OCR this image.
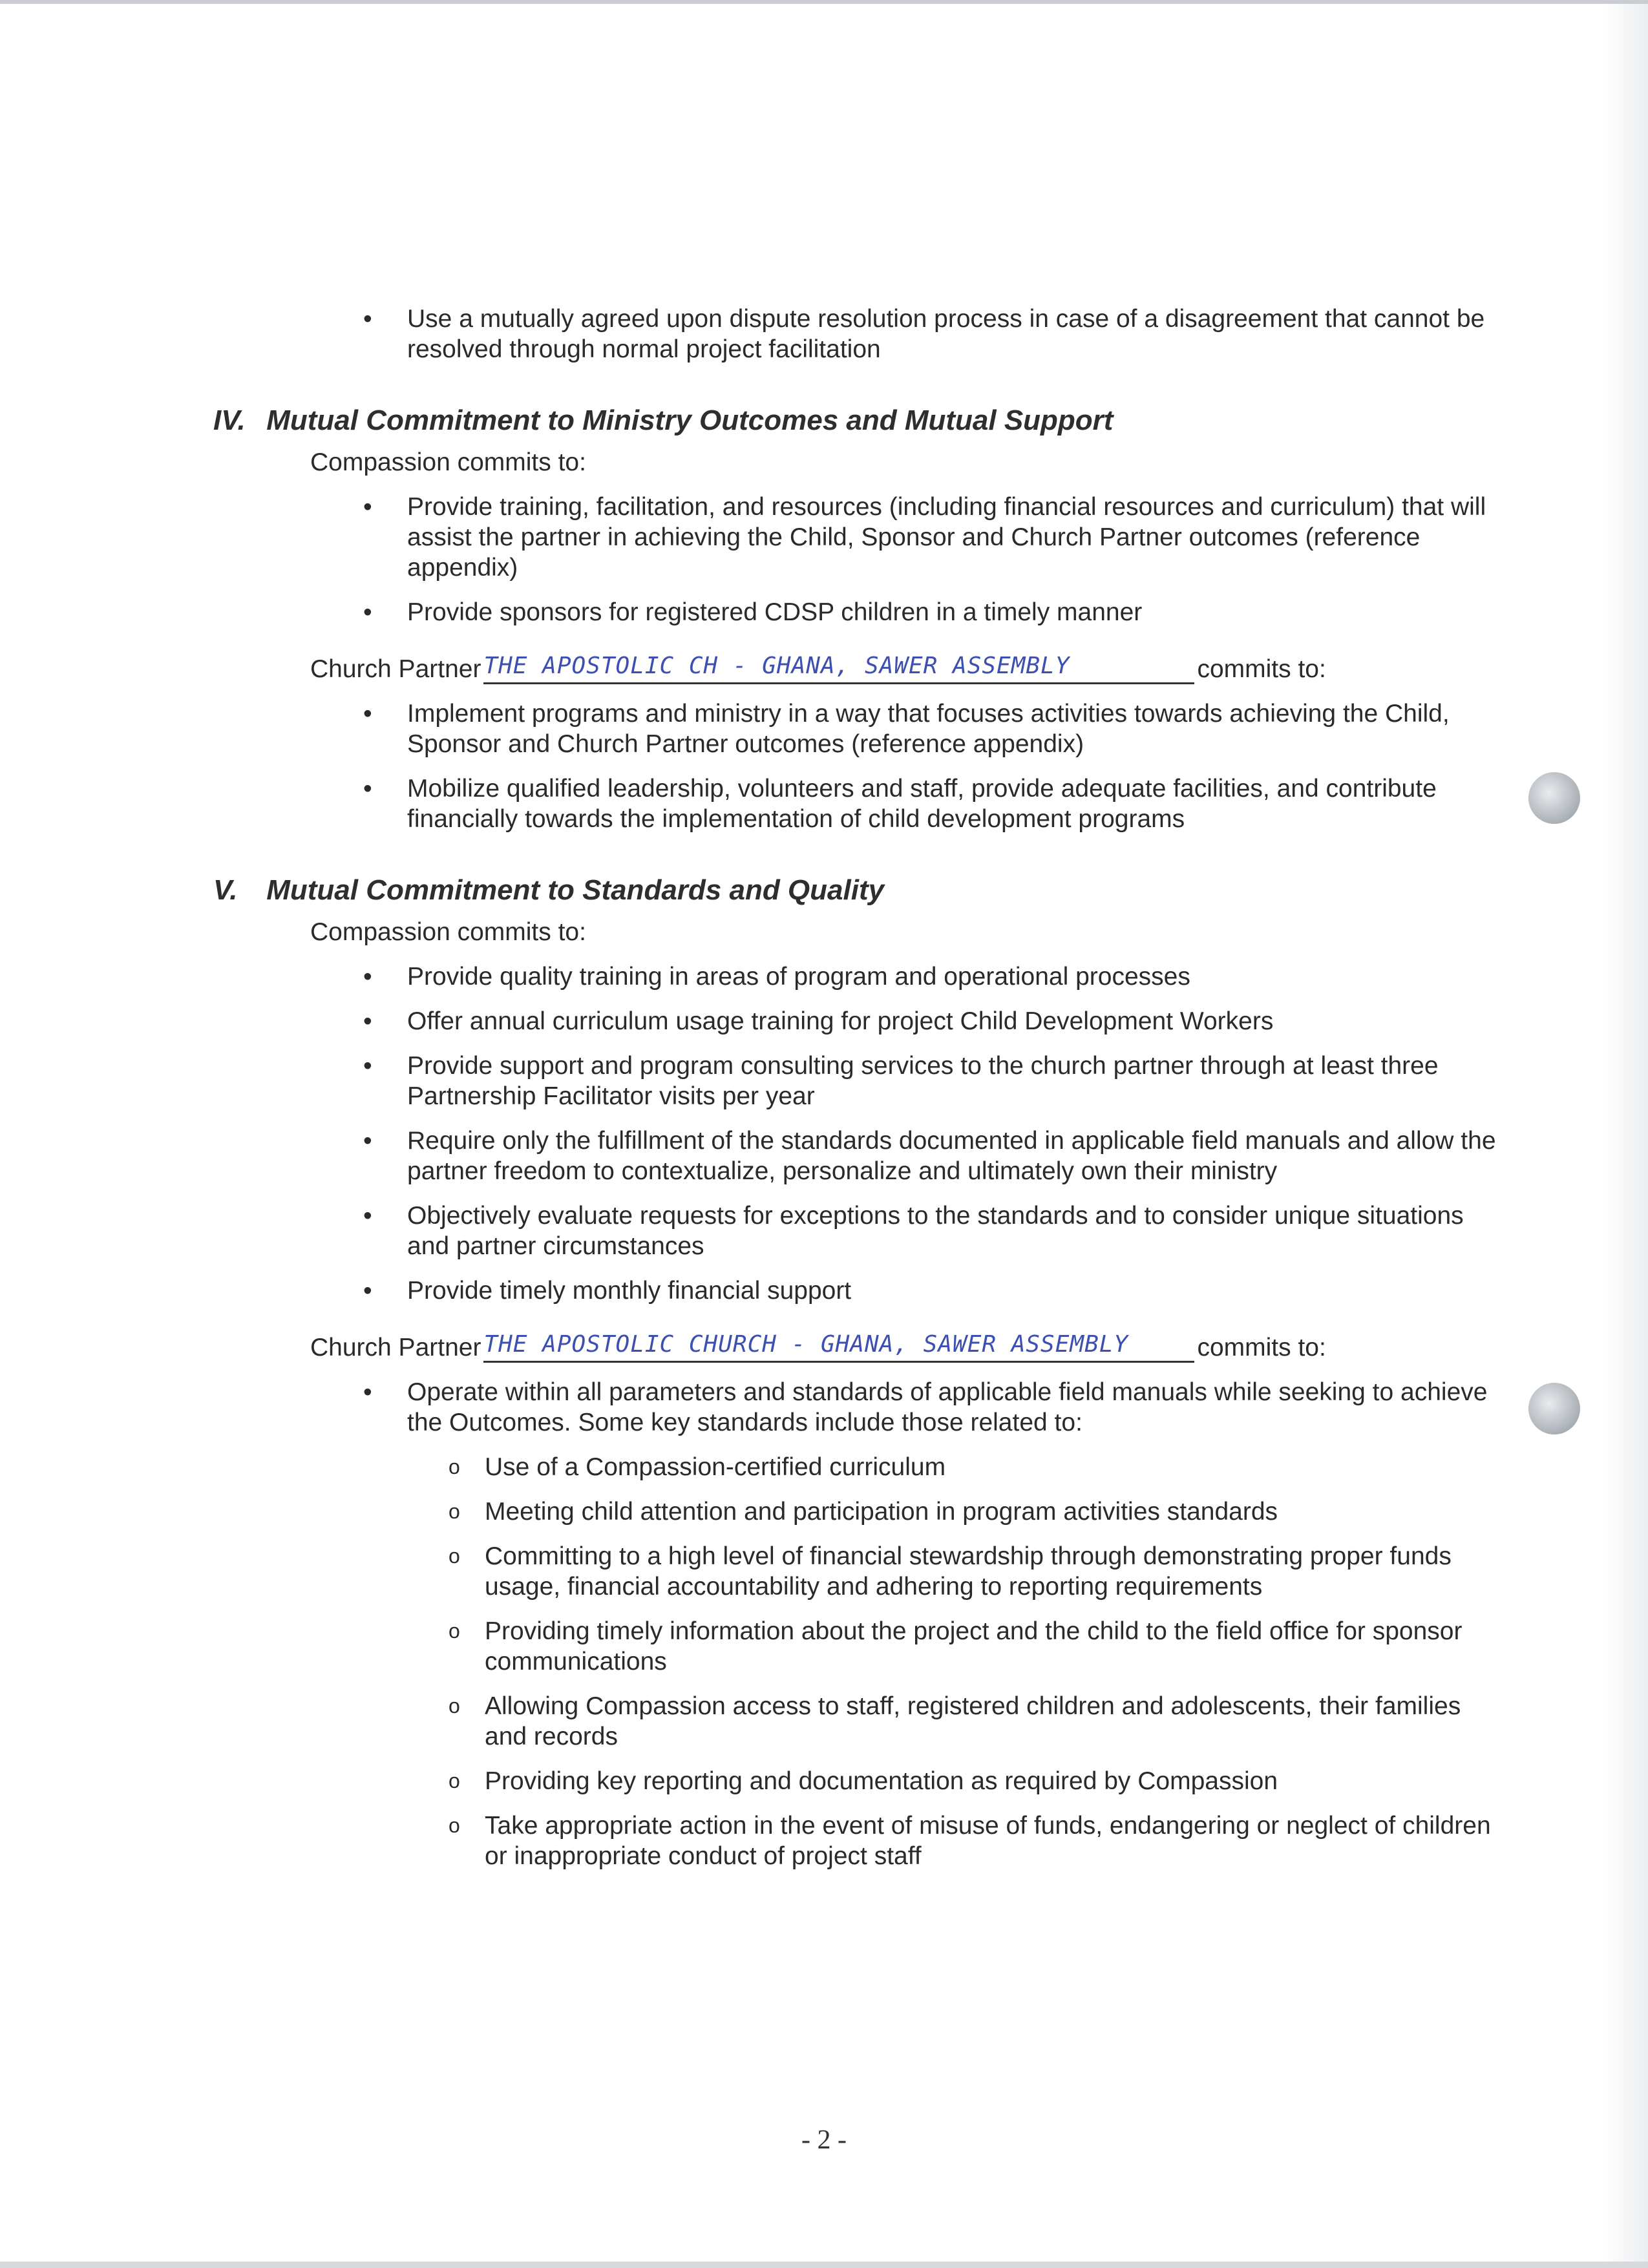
• Use a mutually agreed upon dispute resolution process in case of a disagreement that cannot be resolved through normal project facilitation
IV. Mutual Commitment to Ministry Outcomes and Mutual Support
Compassion commits to:
• Provide training, facilitation, and resources (including financial resources and curriculum) that will assist the partner in achieving the Child, Sponsor and Church Partner outcomes (reference appendix)
• Provide sponsors for registered CDSP children in a timely manner
Church Partner THE APOSTOLIC CH - GHANA, SAWER ASSEMBLY	commits to:
• Implement programs and ministry in a way that focuses activities towards achieving the Child, Sponsor and Church Partner outcomes (reference appendix)
• Mobilize qualified leadership, volunteers and staff, provide adequate facilities, and contribute financially towards the implementation of child development programs
V. Mutual Commitment to Standards and Quality
Compassion commits to:
• Provide quality training in areas of program and operational processes
• Offer annual curriculum usage training for project Child Development Workers
• Provide support and program consulting services to the church partner through at least three Partnership Facilitator visits per year
• Require only the fulfillment of the standards documented in applicable field manuals and allow the partner freedom to contextualize, personalize and ultimately own their ministry
• Objectively evaluate requests for exceptions to the standards and to consider unique situations and partner circumstances
• Provide timely monthly financial support
Church Partner THE APOSTOLIC CHURCH - GHANA, SAWER ASSEMBLY	commits to:
• Operate within all parameters and standards of applicable field manuals while seeking to achieve the Outcomes. Some key standards include those related to:
o Use of a Compassion-certified curriculum
o Meeting child attention and participation in program activities standards
o Committing to a high level of financial stewardship through demonstrating proper funds usage, financial accountability and adhering to reporting requirements
o Providing timely information about the project and the child to the field office for sponsor communications
o Allowing Compassion access to staff, registered children and adolescents, their families and records
o Providing key reporting and documentation as required by Compassion
o Take appropriate action in the event of misuse of funds, endangering or neglect of children or inappropriate conduct of project staff
- 2 -
